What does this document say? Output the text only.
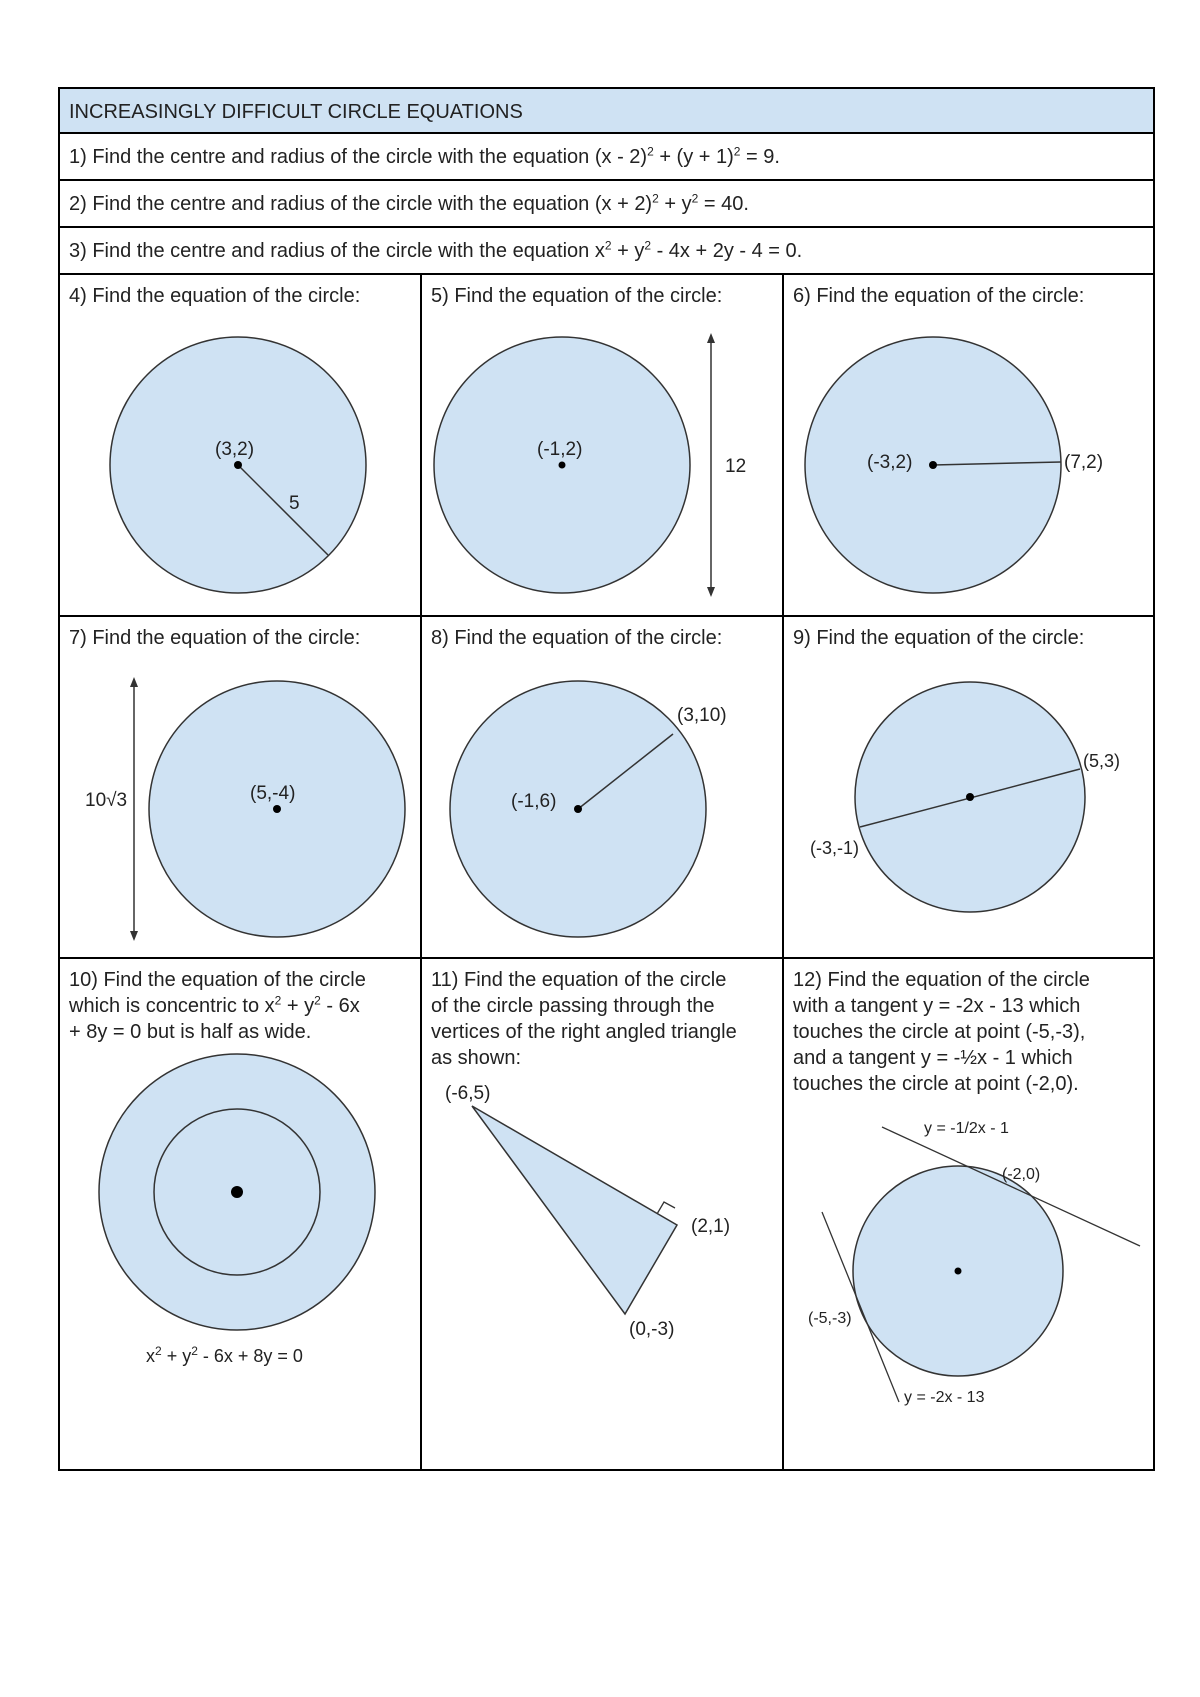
INCREASINGLY DIFFICULT CIRCLE EQUATIONS
1) Find the centre and radius of the circle with the equation $(x - 2)^2 + (y + 1)^2 = 9$.
2) Find the centre and radius of the circle with the equation $(x + 2)^2 + y^2 = 40$.
3) Find the centre and radius of the circle with the equation $x^2 + y^2 - 4x + 2y - 4 = 0$.
(3,2)
5
4) Find the equation of the circle:
(-1,2)
12
5) Find the equation of the circle:
(-3,2)	(7,2)
6) Find the equation of the circle:
(5,-4)
10√3
7) Find the equation of the circle:
(-1,6)
(3,10)
8) Find the equation of the circle:
(5,3)
(-3,-1)
9) Find the equation of the circle:
10) Find the equation of the circle
which is concentric to $x^2 + y^2 - 6x$
+ 8y = 0 but is half as wide.
$x^2 + y^2 - 6x + 8y = 0$
11) Find the equation of the circle
of the circle passing through the
vertices of the right angled triangle
as shown:
(-6,5)
(2,1)
(0,-3)
12) Find the equation of the circle
with a tangent y = -2x - 13 which
touches the circle at point (-5,-3),
and a tangent y = -½x - 1 which
touches the circle at point (-2,0).
y = -1/2x - 1
(-2,0)
y = -2x - 13
(-5,-3)
